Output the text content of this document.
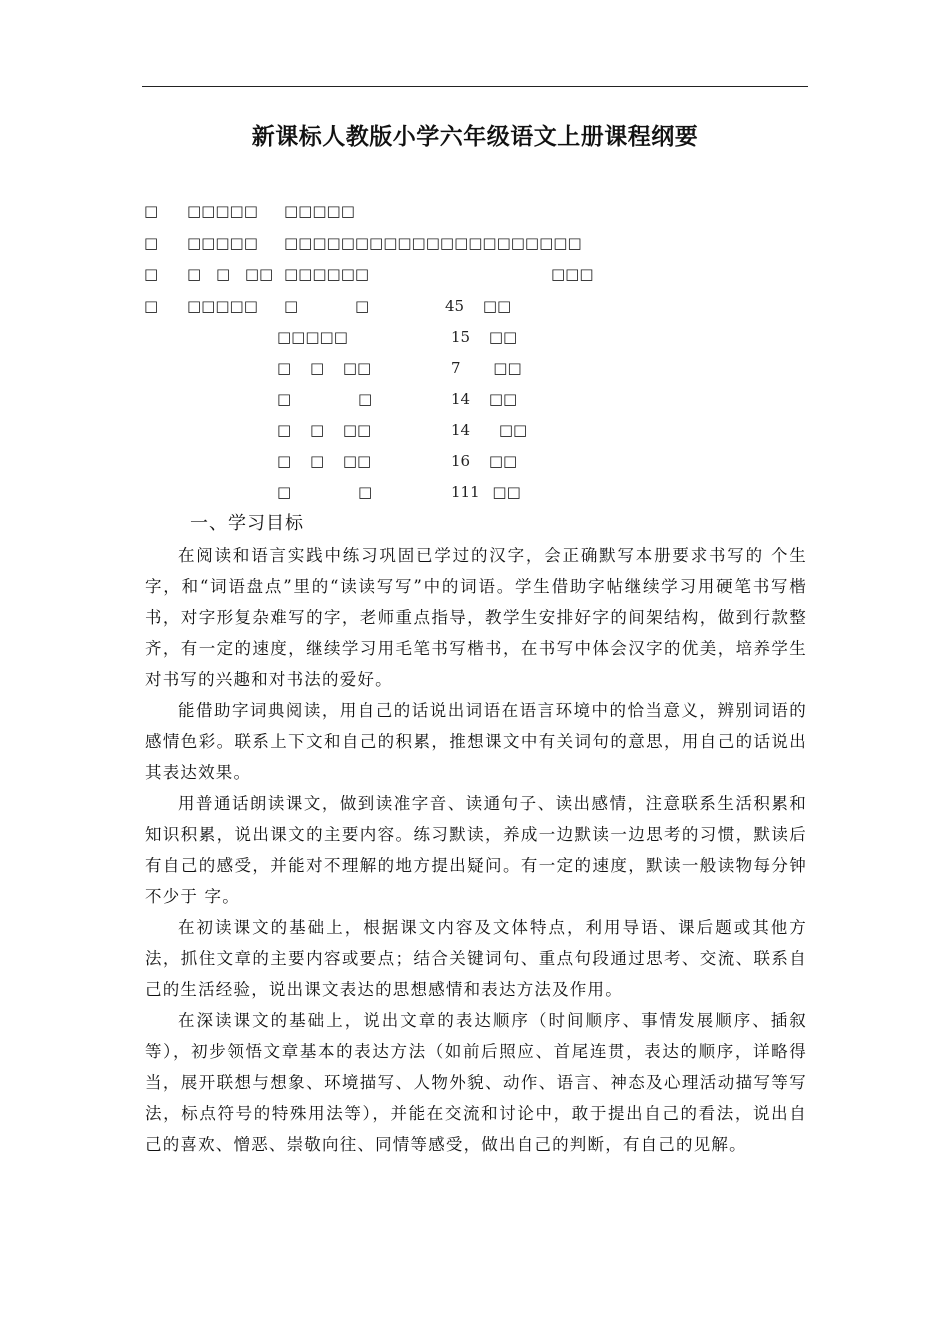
新课标人教版小学六年级语文上册课程纲要
□ □□□□□ □□□□□
□ □□□□□ □□□□□□□□□□□□□□□□□□□□□
□ □ □ □□ □□□□□□	□□□
□ □□□□□ □ □	45 □□
□□□□□	15 □□
□ □ □□	7 □□
□ □	14 □□
□ □ □□	14 □□
□ □ □□	16 □□
□ □	111 □□
一、学习目标

在阅读和语言实践中练习巩固已学过的汉字，会正确默写本册要求书写的 个生字，和“词语盘点”里的“读读写写”中的词语。学生借助字帖继续学习用硬笔书写楷书，对字形复杂难写的字，老师重点指导，教学生安排好字的间架结构，做到行款整齐，有一定的速度，继续学习用毛笔书写楷书，在书写中体会汉字的优美，培养学生对书写的兴趣和对书法的爱好。

能借助字词典阅读，用自己的话说出词语在语言环境中的恰当意义，辨别词语的感情色彩。联系上下文和自己的积累，推想课文中有关词句的意思，用自己的话说出其表达效果。

用普通话朗读课文，做到读准字音、读通句子、读出感情，注意联系生活积累和知识积累，说出课文的主要内容。练习默读，养成一边默读一边思考的习惯，默读后有自己的感受，并能对不理解的地方提出疑问。有一定的速度，默读一般读物每分钟不少于 字。

在初读课文的基础上，根据课文内容及文体特点，利用导语、课后题或其他方法，抓住文章的主要内容或要点；结合关键词句、重点句段通过思考、交流、联系自己的生活经验，说出课文表达的思想感情和表达方法及作用。

在深读课文的基础上，说出文章的表达顺序（时间顺序、事情发展顺序、插叙等），初步领悟文章基本的表达方法（如前后照应、首尾连贯，表达的顺序，详略得当，展开联想与想象、环境描写、人物外貌、动作、语言、神态及心理活动描写等写法，标点符号的特殊用法等），并能在交流和讨论中，敢于提出自己的看法，说出自己的喜欢、憎恶、崇敬向往、同情等感受，做出自己的判断，有自己的见解。
